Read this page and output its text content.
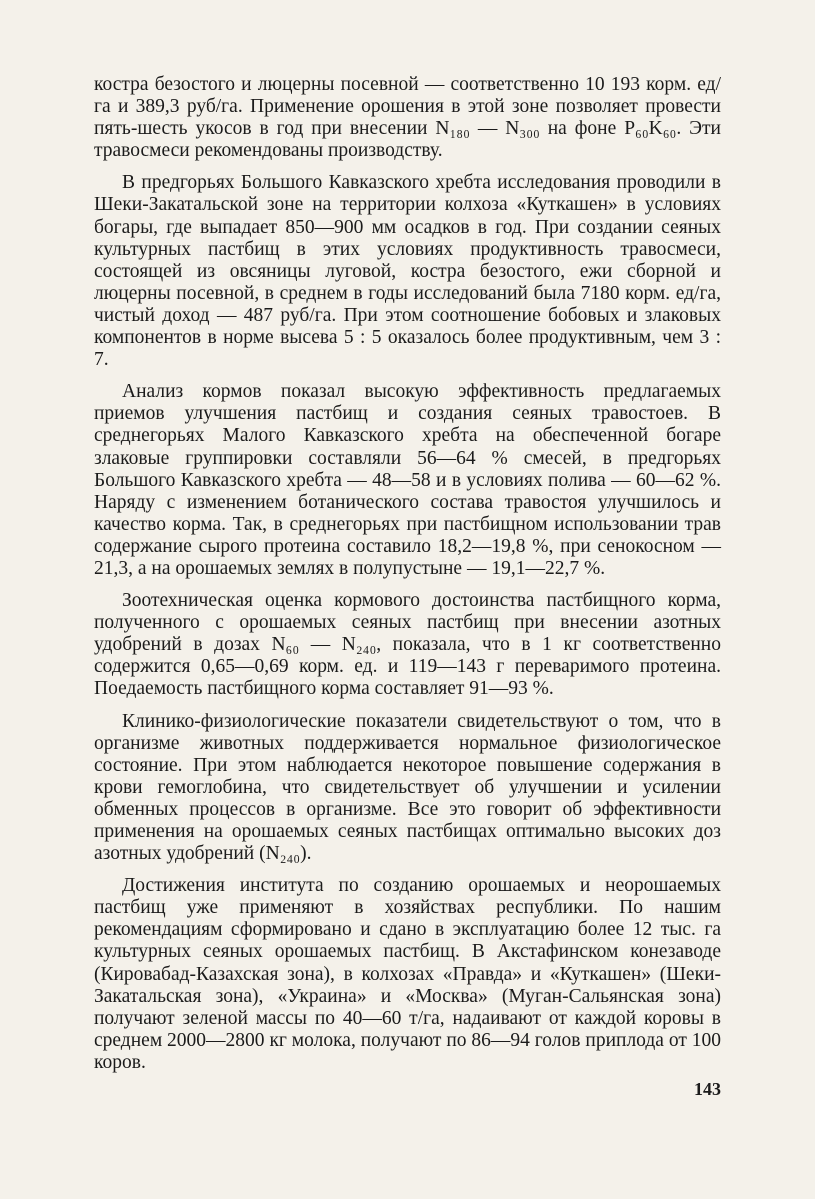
костра безостого и люцерны посевной — соответственно 10 193 корм. ед/га и 389,3 руб/га. Применение орошения в этой зоне позволяет провести пять-шесть укосов в год при внесении N₁₈₀ — N₃₀₀ на фоне P₆₀K₆₀. Эти травосмеси рекомендованы производству.

В предгорьях Большого Кавказского хребта исследования проводили в Шеки-Закатальской зоне на территории колхоза «Куткашен» в условиях богары, где выпадает 850—900 мм осадков в год. При создании сеяных культурных пастбищ в этих условиях продуктивность травосмеси, состоящей из овсяницы луговой, костра безостого, ежи сборной и люцерны посевной, в среднем в годы исследований была 7180 корм. ед/га, чистый доход — 487 руб/га. При этом соотношение бобовых и злаковых компонентов в норме высева 5 : 5 оказалось более продуктивным, чем 3 : 7.

Анализ кормов показал высокую эффективность предлагаемых приемов улучшения пастбищ и создания сеяных травостоев. В среднегорьях Малого Кавказского хребта на обеспеченной богаре злаковые группировки составляли 56—64 % смесей, в предгорьях Большого Кавказского хребта — 48—58 и в условиях полива — 60—62 %. Наряду с изменением ботанического состава травостоя улучшилось и качество корма. Так, в среднегорьях при пастбищном использовании трав содержание сырого протеина составило 18,2—19,8 %, при сенокосном — 21,3, а на орошаемых землях в полупустыне — 19,1—22,7 %.

Зоотехническая оценка кормового достоинства пастбищного корма, полученного с орошаемых сеяных пастбищ при внесении азотных удобрений в дозах N₆₀ — N₂₄₀, показала, что в 1 кг соответственно содержится 0,65—0,69 корм. ед. и 119—143 г переваримого протеина. Поедаемость пастбищного корма составляет 91—93 %.

Клинико-физиологические показатели свидетельствуют о том, что в организме животных поддерживается нормальное физиологическое состояние. При этом наблюдается некоторое повышение содержания в крови гемоглобина, что свидетельствует об улучшении и усилении обменных процессов в организме. Все это говорит об эффективности применения на орошаемых сеяных пастбищах оптимально высоких доз азотных удобрений (N₂₄₀).

Достижения института по созданию орошаемых и неорошаемых пастбищ уже применяют в хозяйствах республики. По нашим рекомендациям сформировано и сдано в эксплуатацию более 12 тыс. га культурных сеяных орошаемых пастбищ. В Акстафинском конезаводе (Кировабад-Казахская зона), в колхозах «Правда» и «Куткашен» (Шеки-Закатальская зона), «Украина» и «Москва» (Муган-Сальянская зона) получают зеленой массы по 40—60 т/га, надаивают от каждой коровы в среднем 2000—2800 кг молока, получают по 86—94 голов приплода от 100 коров.

143
